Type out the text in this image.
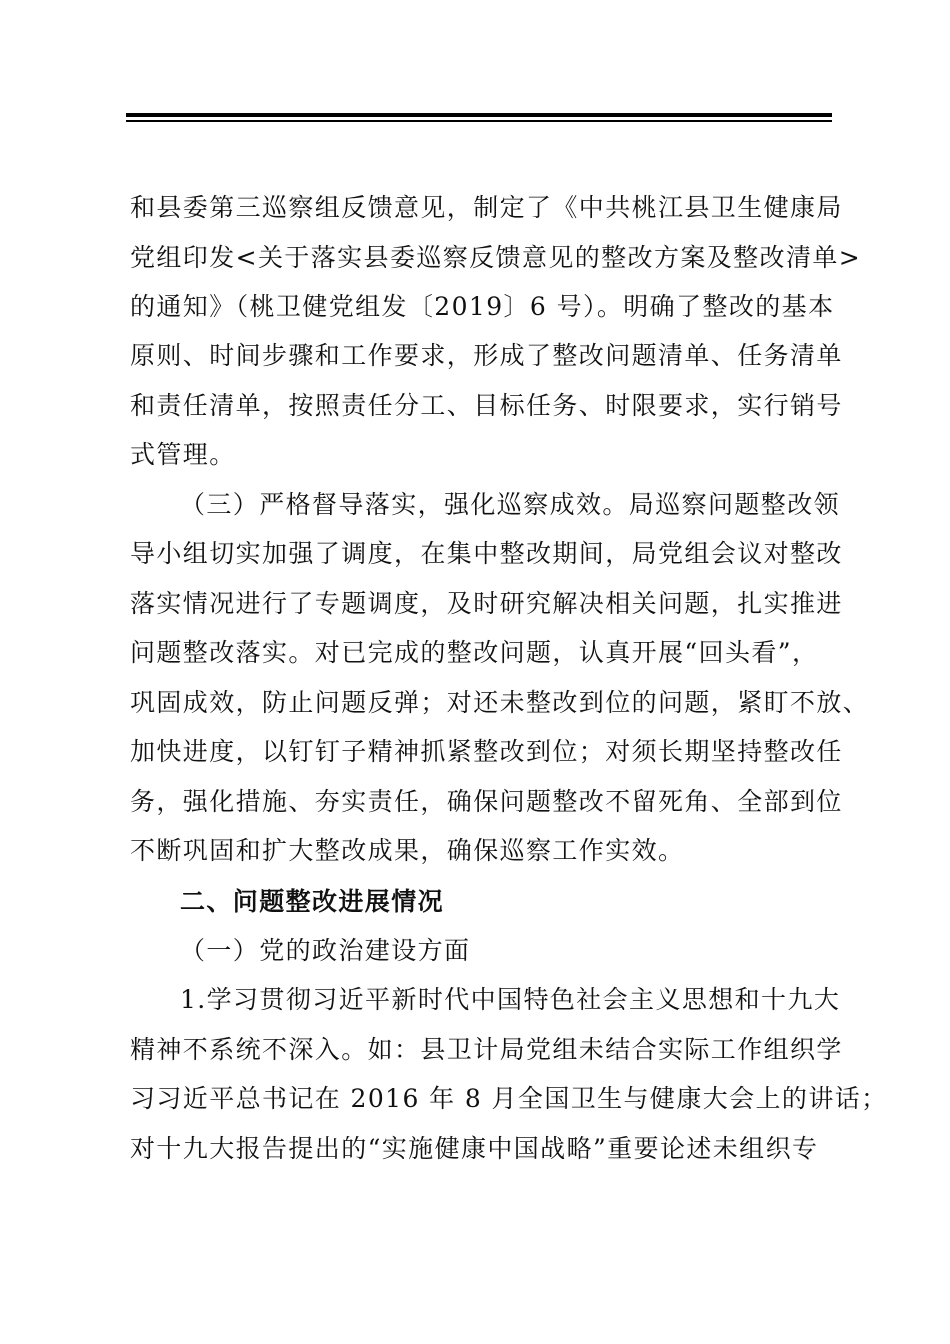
和县委第三巡察组反馈意见，制定了《中共桃江县卫生健康局
党组印发<关于落实县委巡察反馈意见的整改方案及整改清单>
的通知》（桃卫健党组发〔2019〕6 号）。明确了整改的基本
原则、时间步骤和工作要求，形成了整改问题清单、任务清单
和责任清单，按照责任分工、目标任务、时限要求，实行销号
式管理。
（三）严格督导落实，强化巡察成效。局巡察问题整改领
导小组切实加强了调度，在集中整改期间，局党组会议对整改
落实情况进行了专题调度，及时研究解决相关问题，扎实推进
问题整改落实。对已完成的整改问题，认真开展“回头看”，
巩固成效，防止问题反弹；对还未整改到位的问题，紧盯不放、
加快进度，以钉钉子精神抓紧整改到位；对须长期坚持整改任
务，强化措施、夯实责任，确保问题整改不留死角、全部到位
不断巩固和扩大整改成果，确保巡察工作实效。
二、问题整改进展情况
（一）党的政治建设方面
1.学习贯彻习近平新时代中国特色社会主义思想和十九大
精神不系统不深入。如：县卫计局党组未结合实际工作组织学
习习近平总书记在 2016 年 8 月全国卫生与健康大会上的讲话；
对十九大报告提出的“实施健康中国战略”重要论述未组织专
